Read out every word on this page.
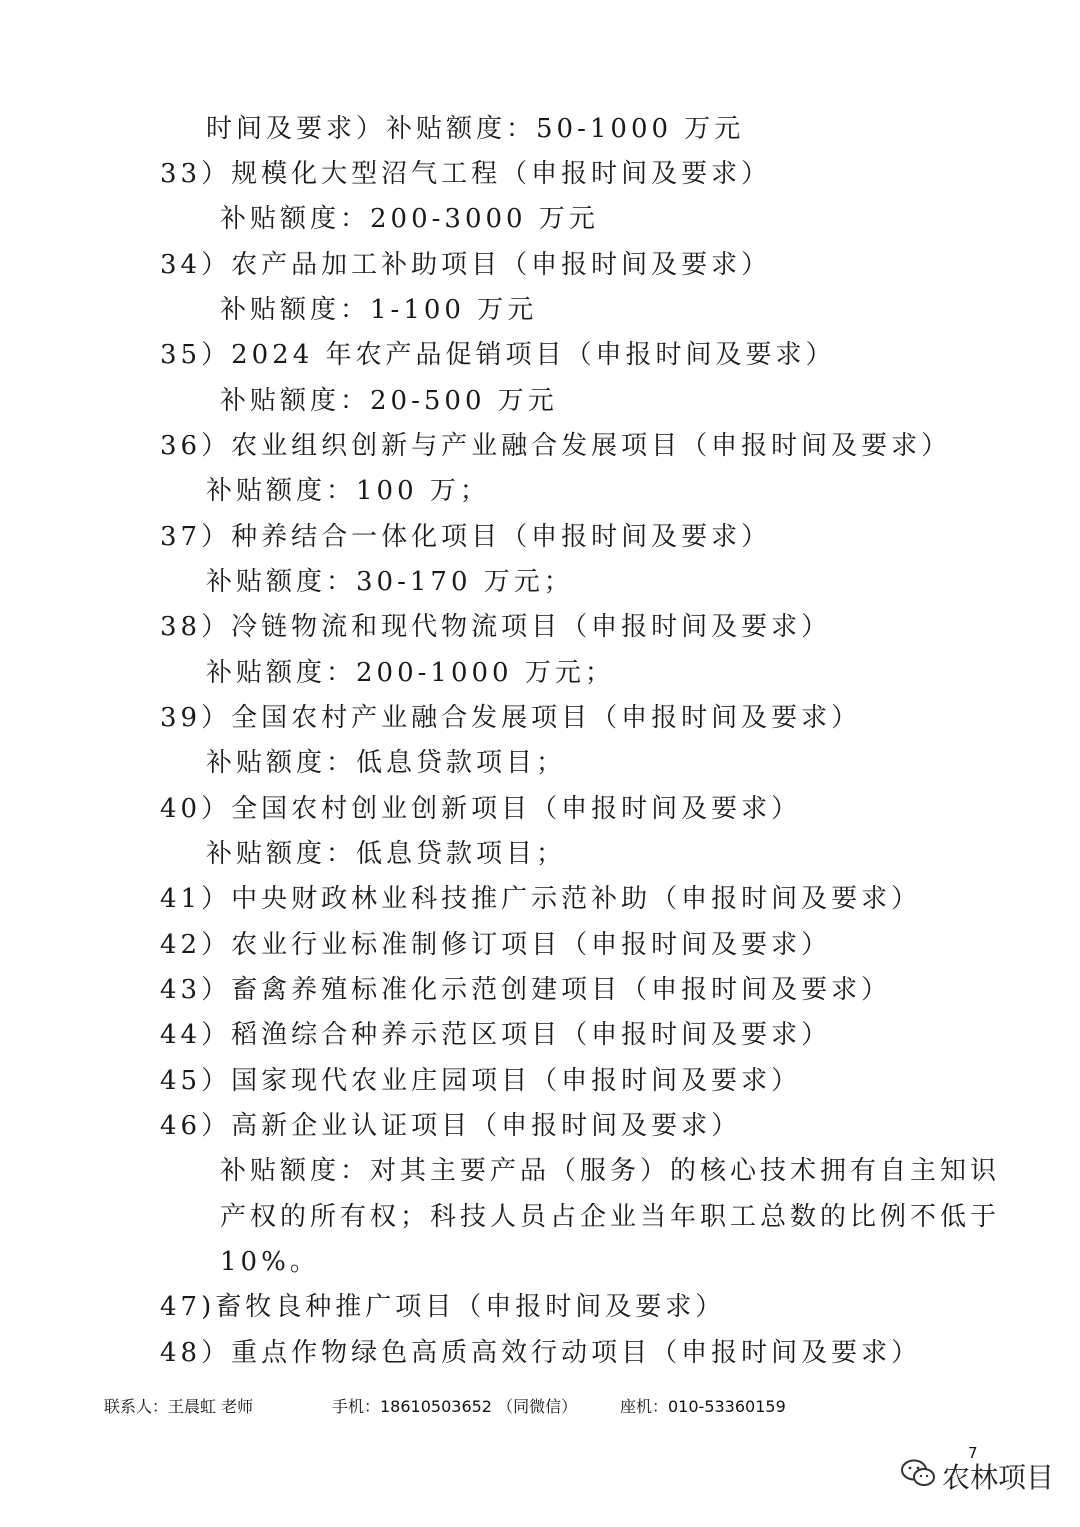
时间及要求）补贴额度：50-1000 万元
33）规模化大型沼气工程（申报时间及要求）
补贴额度：200-3000 万元
34）农产品加工补助项目（申报时间及要求）
补贴额度：1-100 万元
35）2024 年农产品促销项目（申报时间及要求）
补贴额度：20-500 万元
36）农业组织创新与产业融合发展项目（申报时间及要求）
补贴额度：100 万；
37）种养结合一体化项目（申报时间及要求）
补贴额度：30-170 万元；
38）冷链物流和现代物流项目（申报时间及要求）
补贴额度：200-1000 万元；
39）全国农村产业融合发展项目（申报时间及要求）
补贴额度：低息贷款项目；
40）全国农村创业创新项目（申报时间及要求）
补贴额度：低息贷款项目；
41）中央财政林业科技推广示范补助（申报时间及要求）
42）农业行业标准制修订项目（申报时间及要求）
43）畜禽养殖标准化示范创建项目（申报时间及要求）
44）稻渔综合种养示范区项目（申报时间及要求）
45）国家现代农业庄园项目（申报时间及要求）
46）高新企业认证项目（申报时间及要求）
补贴额度：对其主要产品（服务）的核心技术拥有自主知识
产权的所有权；科技人员占企业当年职工总数的比例不低于
10%。
47)畜牧良种推广项目（申报时间及要求）
48）重点作物绿色高质高效行动项目（申报时间及要求）
联系人：王晨虹 老师	手机：18610503652 （同微信）	座机：010-53360159
7
农林项目
